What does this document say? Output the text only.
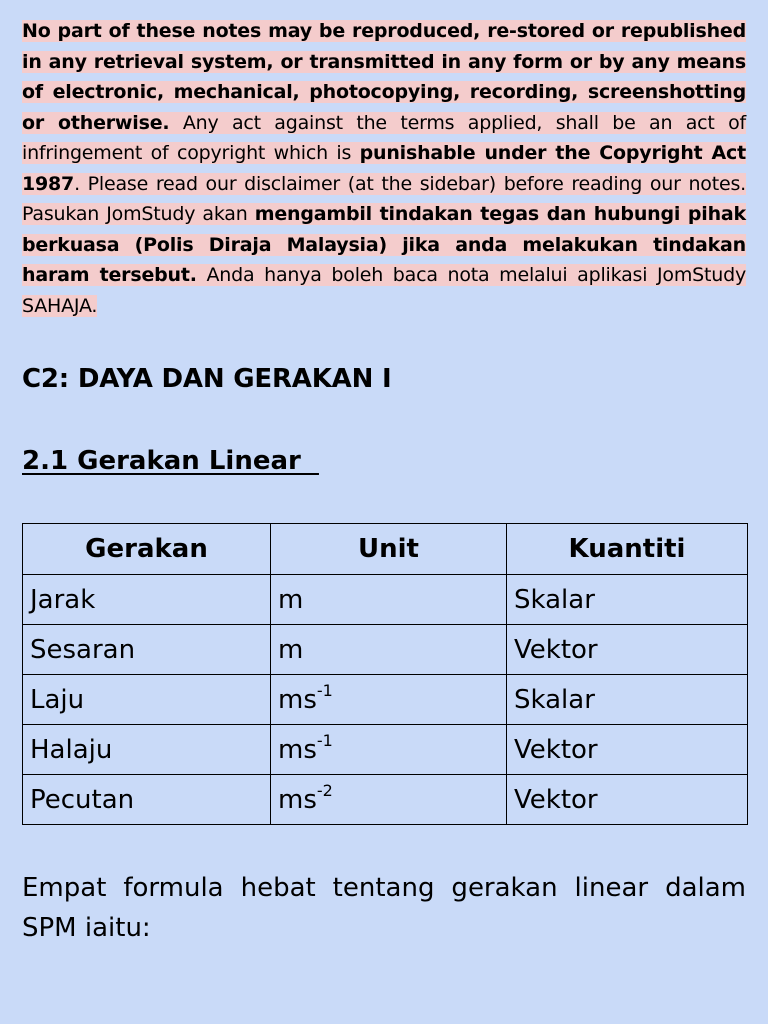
No part of these notes may be reproduced, re-stored or republished in any retrieval system, or transmitted in any form or by any means of electronic, mechanical, photocopying, recording, screenshotting or otherwise. Any act against the terms applied, shall be an act of infringement of copyright which is punishable under the Copyright Act 1987. Please read our disclaimer (at the sidebar) before reading our notes. Pasukan JomStudy akan mengambil tindakan tegas dan hubungi pihak berkuasa (Polis Diraja Malaysia) jika anda melakukan tindakan haram tersebut. Anda hanya boleh baca nota melalui aplikasi JomStudy SAHAJA.

C2: DAYA DAN GERAKAN I
2.1 Gerakan Linear
Gerakan	Unit	Kuantiti
Jarak	m	Skalar
Sesaran	m	Vektor
Laju	$ms^{-1}$	Skalar
Halaju	$ms^{-1}$	Vektor
Pecutan	$ms^{-2}$	Vektor

Empat formula hebat tentang gerakan linear dalam SPM iaitu:
